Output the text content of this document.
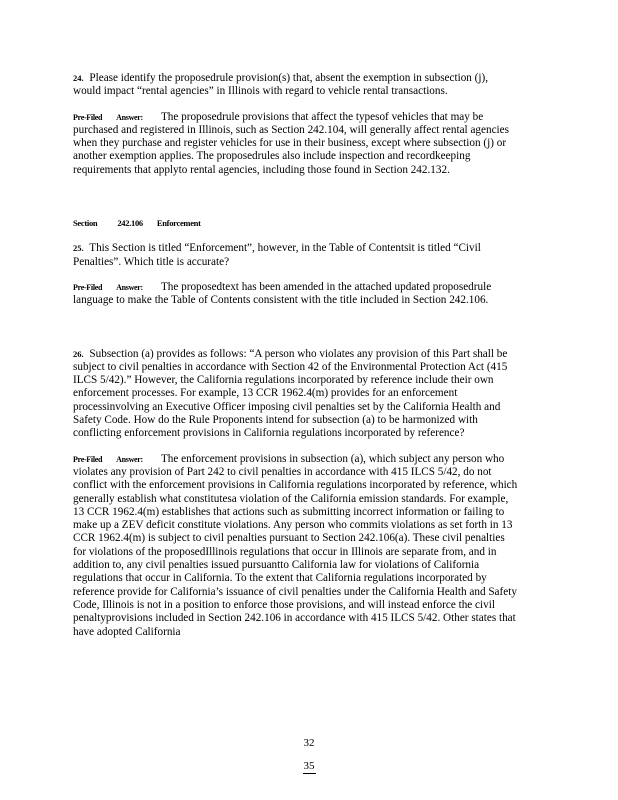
24. Please identify the proposedrule provision(s) that, absent the exemption in subsection (j), would impact “rental agencies” in Illinois with regard to vehicle rental transactions.

Pre-Filed Answer: The proposedrule provisions that affect the typesof vehicles that may be purchased and registered in Illinois, such as Section 242.104, will generally affect rental agencies when they purchase and register vehicles for use in their business, except where subsection (j) or another exemption applies. The proposedrules also include inspection and recordkeeping requirements that applyto rental agencies, including those found in Section 242.132.

Section 242.106 Enforcement

25. This Section is titled “Enforcement”, however, in the Table of Contentsit is titled “Civil Penalties”. Which title is accurate?

Pre-Filed Answer: The proposedtext has been amended in the attached updated proposedrule language to make the Table of Contents consistent with the title included in Section 242.106.

26. Subsection (a) provides as follows: “A person who violates any provision of this Part shall be subject to civil penalties in accordance with Section 42 of the Environmental Protection Act (415 ILCS 5/42).” However, the California regulations incorporated by reference include their own enforcement processes. For example, 13 CCR 1962.4(m) provides for an enforcement processinvolving an Executive Officer imposing civil penalties set by the California Health and Safety Code. How do the Rule Proponents intend for subsection (a) to be harmonized with conflicting enforcement provisions in California regulations incorporated by reference?

Pre-Filed Answer: The enforcement provisions in subsection (a), which subject any person who violates any provision of Part 242 to civil penalties in accordance with 415 ILCS 5/42, do not conflict with the enforcement provisions in California regulations incorporated by reference, which generally establish what constitutesa violation of the California emission standards. For example, 13 CCR 1962.4(m) establishes that actions such as submitting incorrect information or failing to make up a ZEV deficit constitute violations. Any person who commits violations as set forth in 13 CCR 1962.4(m) is subject to civil penalties pursuant to Section 242.106(a). These civil penalties for violations of the proposedIllinois regulations that occur in Illinois are separate from, and in addition to, any civil penalties issued pursuantto California law for violations of California regulations that occur in California. To the extent that California regulations incorporated by reference provide for California’s issuance of civil penalties under the California Health and Safety Code, Illinois is not in a position to enforce those provisions, and will instead enforce the civil penaltyprovisions included in Section 242.106 in accordance with 415 ILCS 5/42. Other states that have adopted California

32
35
